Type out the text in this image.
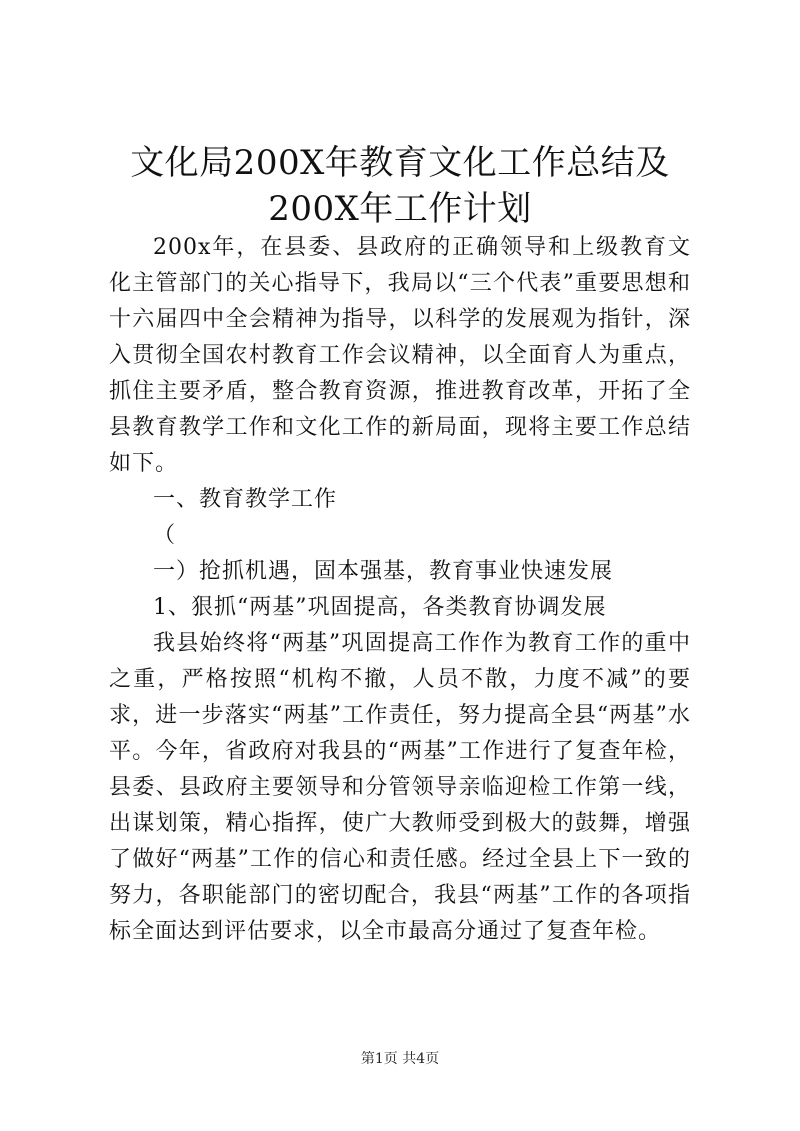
文化局200X年教育文化工作总结及200X年工作计划

200x年，在县委、县政府的正确领导和上级教育文化主管部门的关心指导下，我局以“三个代表”重要思想和十六届四中全会精神为指导，以科学的发展观为指针，深入贯彻全国农村教育工作会议精神，以全面育人为重点，抓住主要矛盾，整合教育资源，推进教育改革，开拓了全县教育教学工作和文化工作的新局面，现将主要工作总结如下。

一、教育教学工作

（

一）抢抓机遇，固本强基，教育事业快速发展

1、狠抓“两基”巩固提高，各类教育协调发展

我县始终将“两基”巩固提高工作作为教育工作的重中之重，严格按照“机构不撤，人员不散，力度不减”的要求，进一步落实“两基”工作责任，努力提高全县“两基”水平。今年，省政府对我县的“两基”工作进行了复查年检，县委、县政府主要领导和分管领导亲临迎检工作第一线，出谋划策，精心指挥，使广大教师受到极大的鼓舞，增强了做好“两基”工作的信心和责任感。经过全县上下一致的努力，各职能部门的密切配合，我县“两基”工作的各项指标全面达到评估要求，以全市最高分通过了复查年检。

第1页 共4页
